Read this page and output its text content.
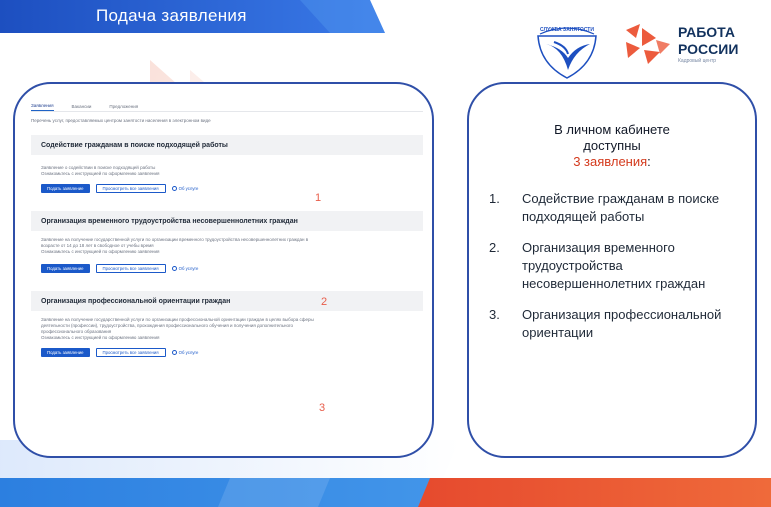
Подача заявления
СЛУЖБА ЗАНЯТОСТИ	РАБОТА
РОССИИ
Кадровый центр
Заявления	Вакансии	Предложения
Перечень услуг, предоставляемых центром занятости населения в электронном виде
Содействие гражданам в поиске подходящей работы
Заявление о содействии в поиске подходящей работы
Ознакомьтесь с инструкцией по оформлению заявления
Подать заявление	Просмотреть все заявления	Об услуге
Организация временного трудоустройства несовершеннолетних граждан
Заявление на получение государственной услуги по организации временного трудоустройства несовершеннолетних граждан в
возрасте от 14 до 18 лет в свободное от учебы время
Ознакомьтесь с инструкцией по оформлению заявления
Подать заявление	Просмотреть все заявления	Об услуге
Организация профессиональной ориентации граждан
Заявление на получение государственной услуги по организации профессиональной ориентации граждан в целях выбора сферы
деятельности (профессии), трудоустройства, прохождения профессионального обучения и получения дополнительного
профессионального образования
Ознакомьтесь с инструкцией по оформлению заявления
Подать заявление	Просмотреть все заявления	Об услуге
1
2
3
В личном кабинете
доступны
3 заявления:
1.	Содействие гражданам в поиске подходящей работы
2.	Организация временного трудоустройства несовершеннолетних граждан
3.	Организация профессиональной ориентации
